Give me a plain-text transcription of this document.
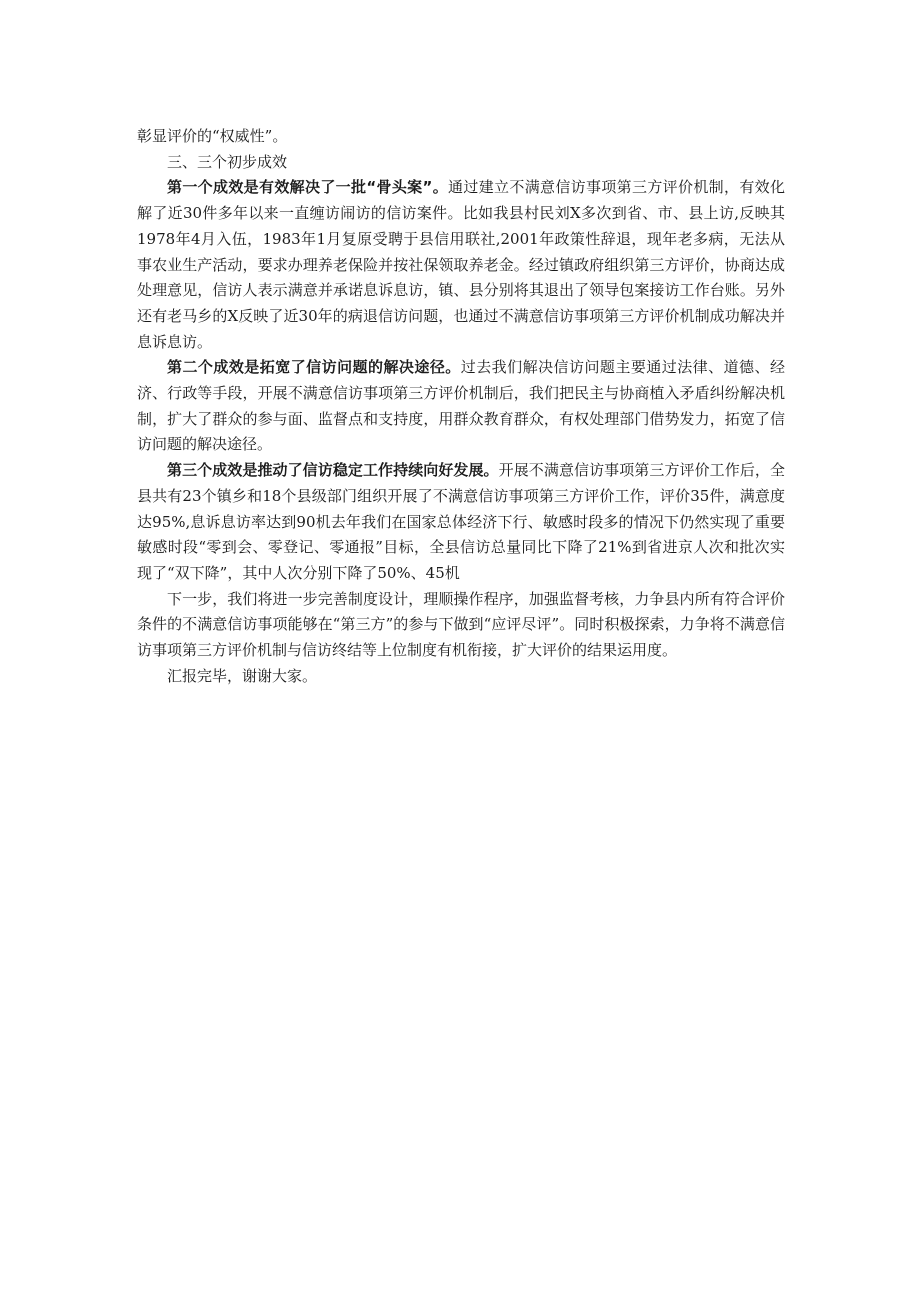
彰显评价的“权威性”。

三、三个初步成效

第一个成效是有效解决了一批“骨头案”。通过建立不满意信访事项第三方评价机制，有效化解了近30件多年以来一直缠访闹访的信访案件。比如我县村民刘X多次到省、市、县上访,反映其1978年4月入伍，1983年1月复原受聘于县信用联社,2001年政策性辞退，现年老多病，无法从事农业生产活动，要求办理养老保险并按社保领取养老金。经过镇政府组织第三方评价，协商达成处理意见，信访人表示满意并承诺息诉息访，镇、县分别将其退出了领导包案接访工作台账。另外还有老马乡的X反映了近30年的病退信访问题，也通过不满意信访事项第三方评价机制成功解决并息诉息访。

第二个成效是拓宽了信访问题的解决途径。过去我们解决信访问题主要通过法律、道德、经济、行政等手段，开展不满意信访事项第三方评价机制后，我们把民主与协商植入矛盾纠纷解决机制，扩大了群众的参与面、监督点和支持度，用群众教育群众，有权处理部门借势发力，拓宽了信访问题的解决途径。

第三个成效是推动了信访稳定工作持续向好发展。开展不满意信访事项第三方评价工作后，全县共有23个镇乡和18个县级部门组织开展了不满意信访事项第三方评价工作，评价35件，满意度达95%,息诉息访率达到90机去年我们在国家总体经济下行、敏感时段多的情况下仍然实现了重要敏感时段“零到会、零登记、零通报”目标，全县信访总量同比下降了21%到省进京人次和批次实现了“双下降”，其中人次分别下降了50%、45机

下一步，我们将进一步完善制度设计，理顺操作程序，加强监督考核，力争县内所有符合评价条件的不满意信访事项能够在“第三方”的参与下做到“应评尽评”。同时积极探索，力争将不满意信访事项第三方评价机制与信访终结等上位制度有机衔接，扩大评价的结果运用度。

汇报完毕，谢谢大家。
